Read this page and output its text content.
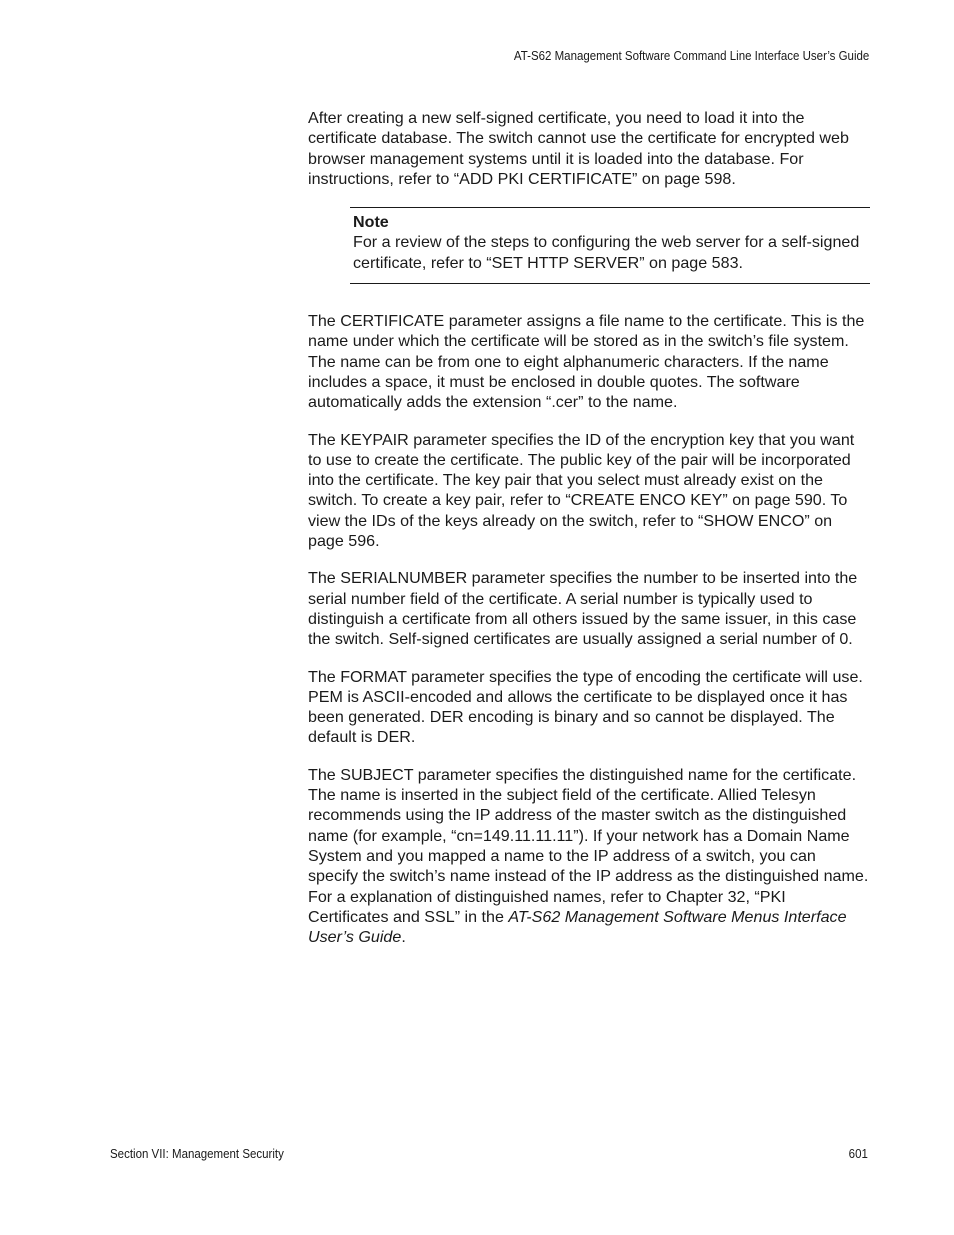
AT-S62 Management Software Command Line Interface User’s Guide

After creating a new self-signed certificate, you need to load it into the certificate database. The switch cannot use the certificate for encrypted web browser management systems until it is loaded into the database. For instructions, refer to “ADD PKI CERTIFICATE” on page 598.

Note
For a review of the steps to configuring the web server for a self-signed certificate, refer to “SET HTTP SERVER” on page 583.

The CERTIFICATE parameter assigns a file name to the certificate. This is the name under which the certificate will be stored as in the switch’s file system. The name can be from one to eight alphanumeric characters. If the name includes a space, it must be enclosed in double quotes. The software automatically adds the extension “.cer” to the name.

The KEYPAIR parameter specifies the ID of the encryption key that you want to use to create the certificate. The public key of the pair will be incorporated into the certificate. The key pair that you select must already exist on the switch. To create a key pair, refer to “CREATE ENCO KEY” on page 590. To view the IDs of the keys already on the switch, refer to “SHOW ENCO” on page 596.

The SERIALNUMBER parameter specifies the number to be inserted into the serial number field of the certificate. A serial number is typically used to distinguish a certificate from all others issued by the same issuer, in this case the switch. Self-signed certificates are usually assigned a serial number of 0.

The FORMAT parameter specifies the type of encoding the certificate will use. PEM is ASCII-encoded and allows the certificate to be displayed once it has been generated. DER encoding is binary and so cannot be displayed. The default is DER.

The SUBJECT parameter specifies the distinguished name for the certificate. The name is inserted in the subject field of the certificate. Allied Telesyn recommends using the IP address of the master switch as the distinguished name (for example, “cn=149.11.11.11”). If your network has a Domain Name System and you mapped a name to the IP address of a switch, you can specify the switch’s name instead of the IP address as the distinguished name. For a explanation of distinguished names, refer to Chapter 32, “PKI Certificates and SSL” in the AT-S62 Management Software Menus Interface User’s Guide.

Section VII: Management Security	601
